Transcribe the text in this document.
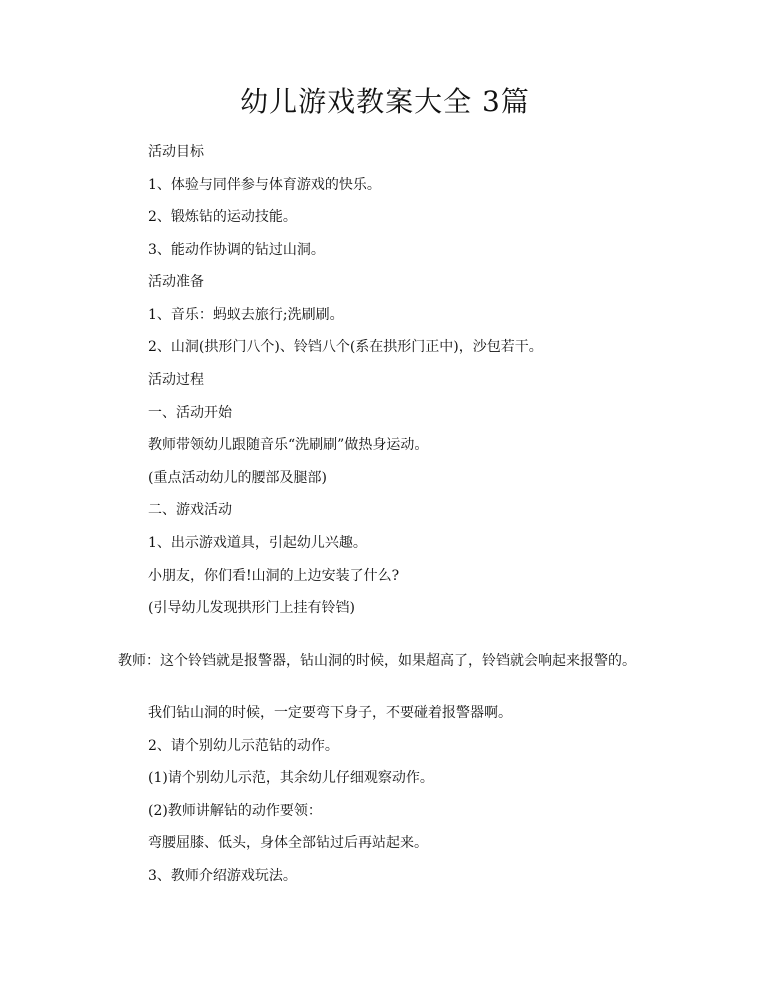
幼儿游戏教案大全 3篇

活动目标

1、体验与同伴参与体育游戏的快乐。

2、锻炼钻的运动技能。

3、能动作协调的钻过山洞。

活动准备

1、音乐：蚂蚁去旅行;洗刷刷。

2、山洞(拱形门八个)、铃铛八个(系在拱形门正中)，沙包若干。

活动过程

一、活动开始

教师带领幼儿跟随音乐“洗刷刷”做热身运动。

(重点活动幼儿的腰部及腿部)

二、游戏活动

1、出示游戏道具，引起幼儿兴趣。

小朋友，你们看!山洞的上边安装了什么?

(引导幼儿发现拱形门上挂有铃铛)

教师：这个铃铛就是报警器，钻山洞的时候，如果超高了，铃铛就会响起来报警的。

我们钻山洞的时候，一定要弯下身子，不要碰着报警器啊。

2、请个别幼儿示范钻的动作。

(1)请个别幼儿示范，其余幼儿仔细观察动作。

(2)教师讲解钻的动作要领：

弯腰屈膝、低头，身体全部钻过后再站起来。

3、教师介绍游戏玩法。
